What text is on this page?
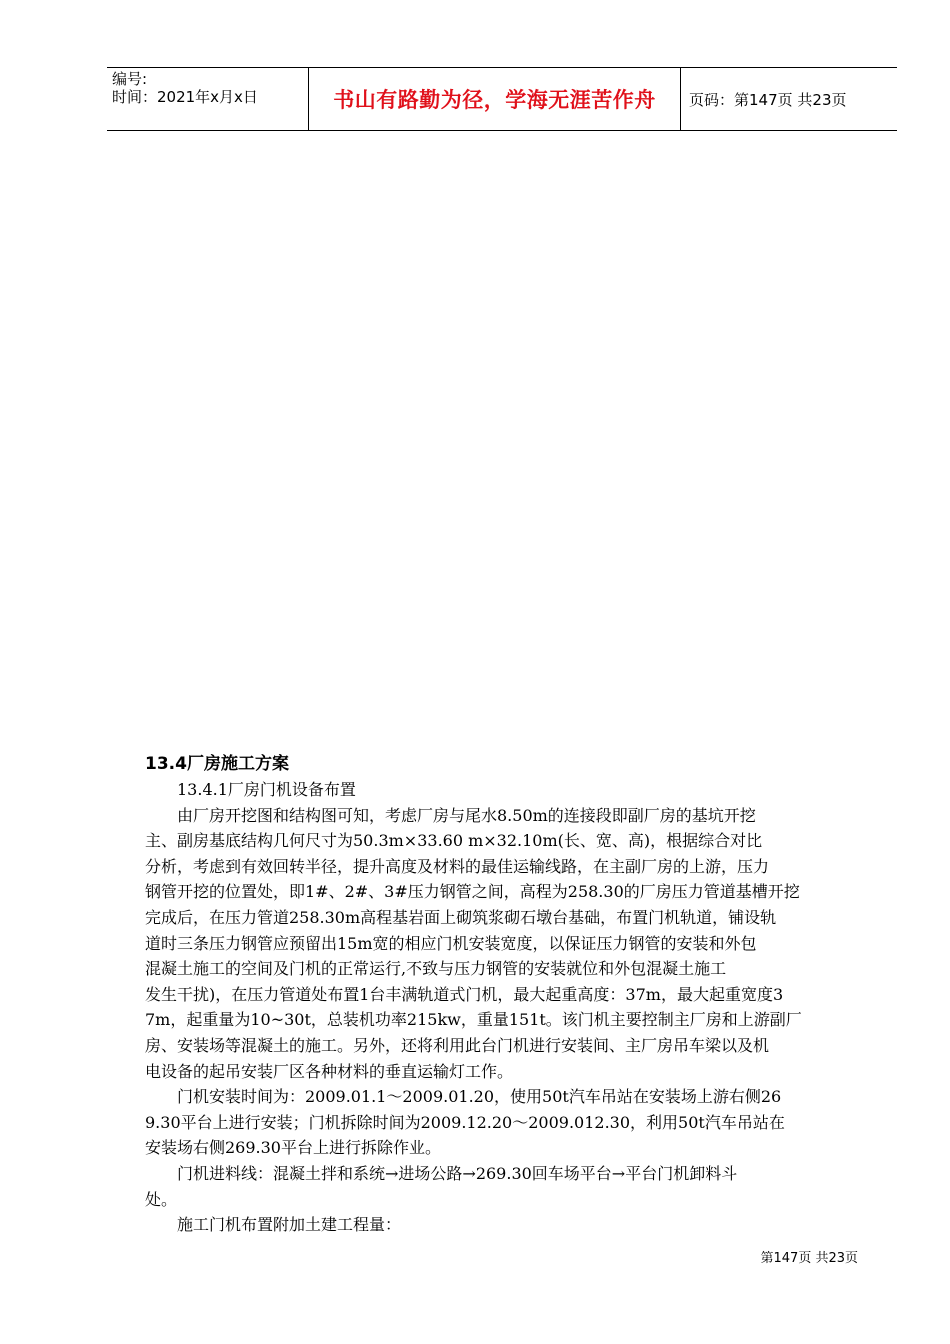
编号:
时间：2021年x月x日	书山有路勤为径，学海无涯苦作舟	页码：第147页 共23页
13.4厂房施工方案
13.4.1厂房门机设备布置
由厂房开挖图和结构图可知，考虑厂房与尾水8.50m的连接段即副厂房的基坑开挖
主、副房基底结构几何尺寸为50.3m×33.60 m×32.10m(长、宽、高)，根据综合对比
分析，考虑到有效回转半径，提升高度及材料的最佳运输线路，在主副厂房的上游，压力
钢管开挖的位置处，即1#、2#、3#压力钢管之间，高程为258.30的厂房压力管道基槽开挖
完成后，在压力管道258.30m高程基岩面上砌筑浆砌石墩台基础，布置门机轨道，铺设轨
道时三条压力钢管应预留出15m宽的相应门机安装宽度，以保证压力钢管的安装和外包
混凝土施工的空间及门机的正常运行,不致与压力钢管的安装就位和外包混凝土施工
发生干扰)，在压力管道处布置1台丰满轨道式门机，最大起重高度：37m，最大起重宽度3
7m，起重量为10~30t，总装机功率215kw，重量151t。该门机主要控制主厂房和上游副厂
房、安装场等混凝土的施工。另外，还将利用此台门机进行安装间、主厂房吊车梁以及机
电设备的起吊安装厂区各种材料的垂直运输灯工作。
门机安装时间为：2009.01.1～2009.01.20，使用50t汽车吊站在安装场上游右侧26
9.30平台上进行安装；门机拆除时间为2009.12.20～2009.012.30，利用50t汽车吊站在
安装场右侧269.30平台上进行拆除作业。
门机进料线：混凝土拌和系统→进场公路→269.30回车场平台→平台门机卸料斗
处。
施工门机布置附加土建工程量：
第147页 共23页
